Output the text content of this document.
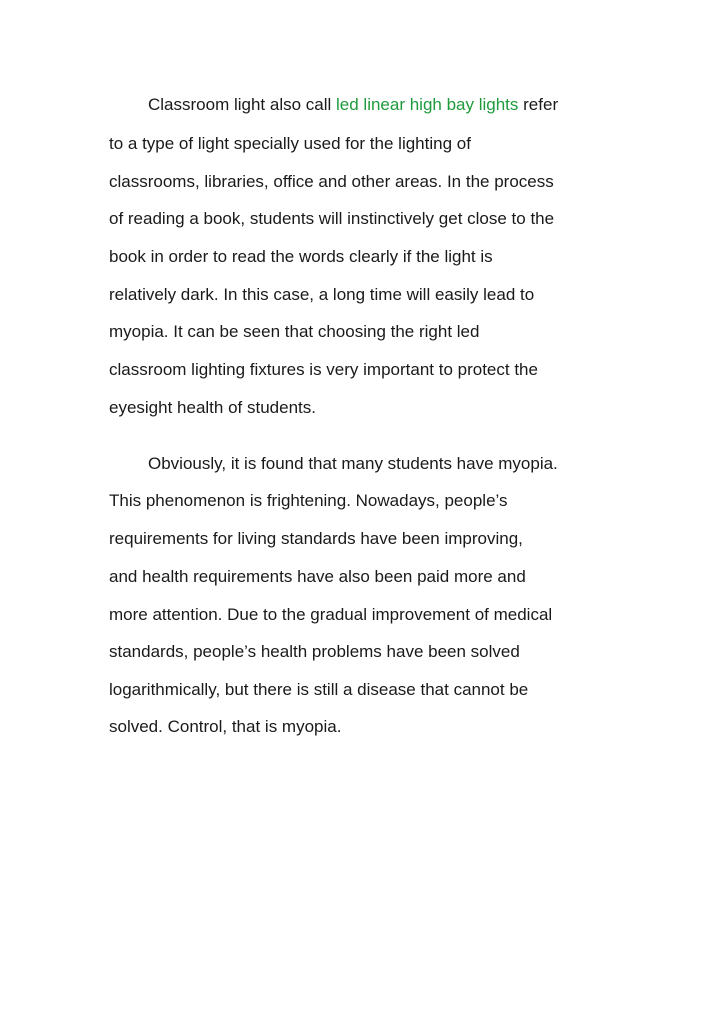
Classroom light also call led linear high bay lights refer

to a type of light specially used for the lighting of

classrooms, libraries, office and other areas. In the process

of reading a book, students will instinctively get close to the

book in order to read the words clearly if the light is

relatively dark. In this case, a long time will easily lead to

myopia. It can be seen that choosing the right led

classroom lighting fixtures is very important to protect the

eyesight health of students.

Obviously, it is found that many students have myopia.

This phenomenon is frightening. Nowadays, people’s

requirements for living standards have been improving,

and health requirements have also been paid more and

more attention. Due to the gradual improvement of medical

standards, people’s health problems have been solved

logarithmically, but there is still a disease that cannot be

solved. Control, that is myopia.
